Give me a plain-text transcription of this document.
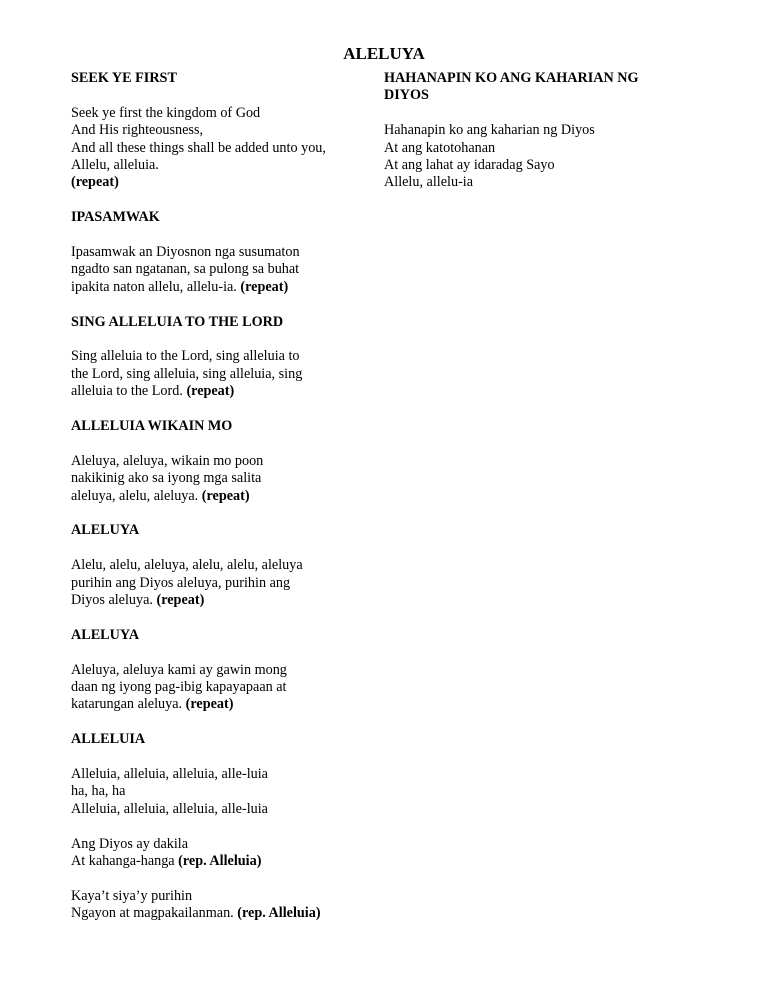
ALELUYA
SEEK YE FIRST
Seek ye first the kingdom of God
And His righteousness,
And all these things shall be added unto you,
Allelu, alleluia.
(repeat)
IPASAMWAK
Ipasamwak an Diyosnon nga susumaton
ngadto san ngatanan, sa pulong sa buhat
ipakita naton allelu, allelu-ia. (repeat)
SING ALLELUIA TO THE LORD
Sing alleluia to the Lord, sing alleluia to
the Lord, sing alleluia, sing alleluia, sing
alleluia to the Lord. (repeat)
ALLELUIA WIKAIN MO
Aleluya, aleluya, wikain mo poon
nakikinig ako sa iyong mga salita
aleluya, alelu, aleluya. (repeat)
ALELUYA
Alelu, alelu, aleluya, alelu, alelu, aleluya
purihin ang Diyos aleluya, purihin ang
Diyos aleluya. (repeat)
ALELUYA
Aleluya, aleluya kami ay gawin mong
daan ng iyong pag-ibig kapayapaan at
katarungan aleluya. (repeat)
ALLELUIA
Alleluia, alleluia, alleluia, alle-luia
ha, ha, ha
Alleluia, alleluia, alleluia, alle-luia
Ang Diyos ay dakila
At kahanga-hanga (rep. Alleluia)
Kaya’t siya’y purihin
Ngayon at magpakailanman. (rep. Alleluia)
HAHANAPIN KO ANG KAHARIAN NG DIYOS
Hahanapin ko ang kaharian ng Diyos
At ang katotohanan
At ang lahat ay idaradag Sayo
Allelu, allelu-ia
